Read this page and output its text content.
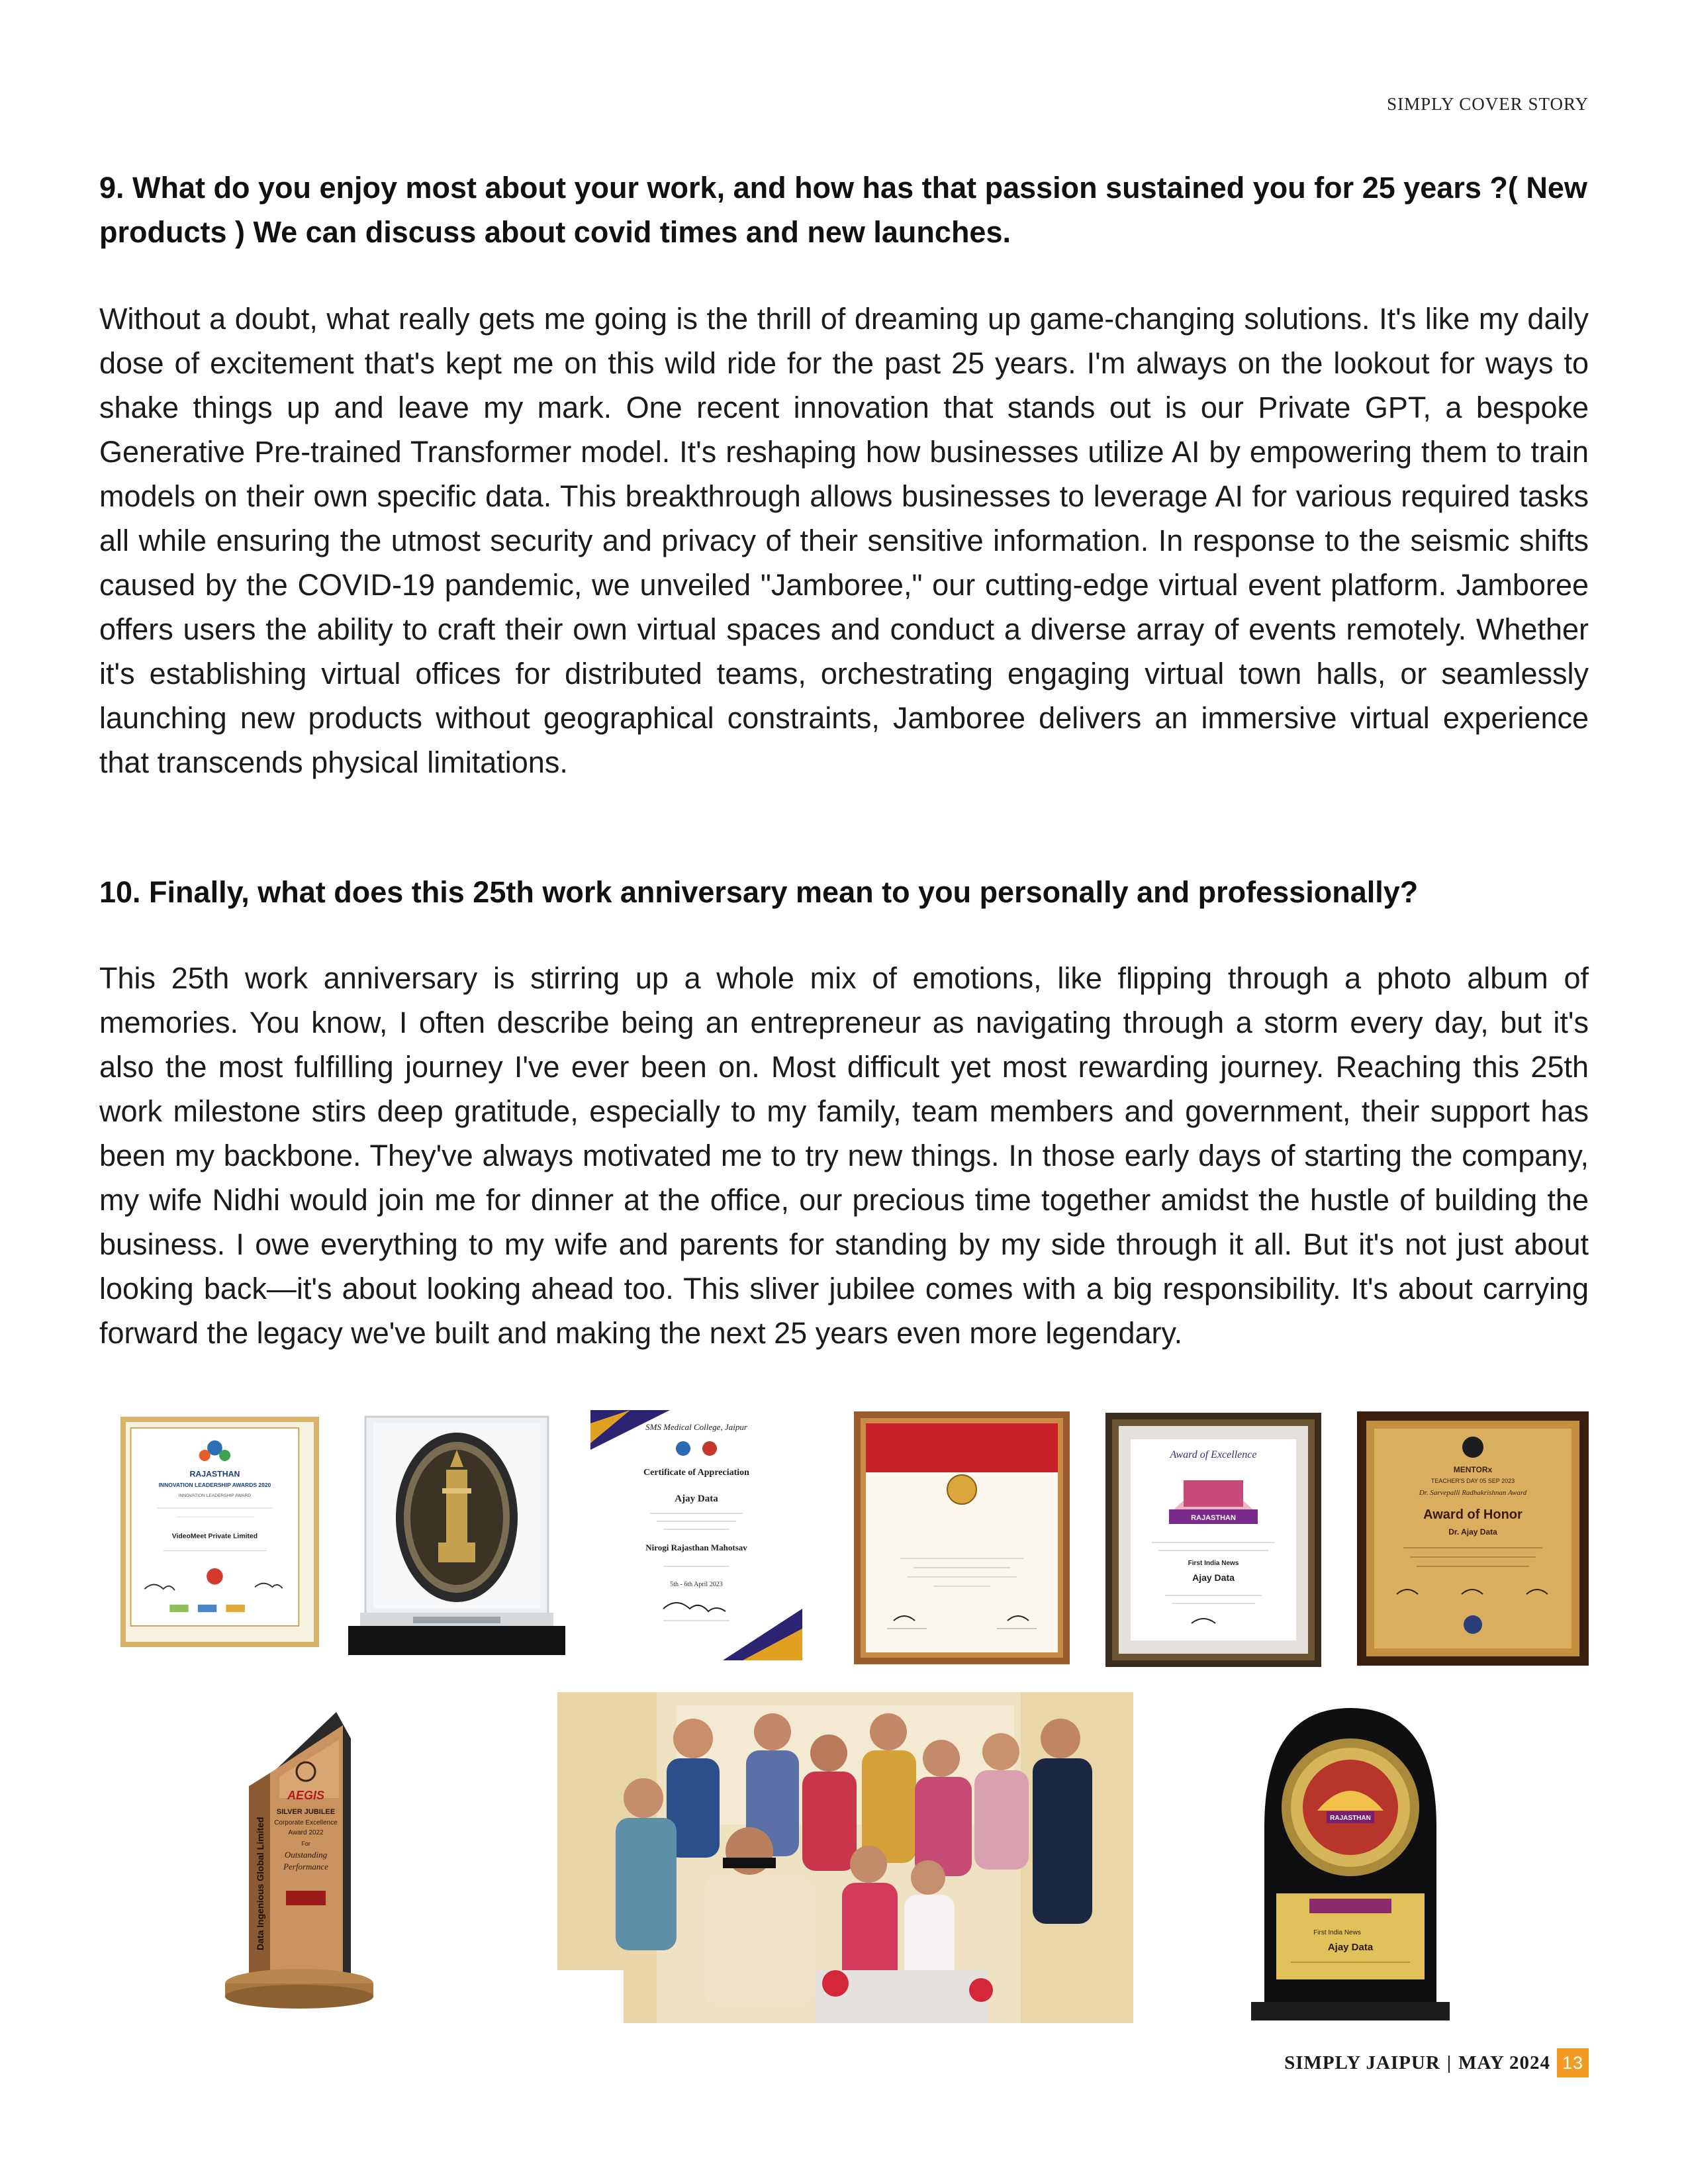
SIMPLY COVER STORY
9. What do you enjoy most about your work, and how has that passion sustained you for 25 years ?( New products ) We can discuss about covid times and new launches.
Without a doubt, what really gets me going is the thrill of dreaming up game-changing solutions. It's like my daily dose of excitement that's kept me on this wild ride for the past 25 years. I'm always on the lookout for ways to shake things up and leave my mark. One recent innovation that stands out is our Private GPT, a bespoke Generative Pre-trained Transformer model. It's reshaping how businesses utilize AI by empowering them to train models on their own specific data. This breakthrough allows businesses to leverage AI for various required tasks all while ensuring the utmost security and privacy of their sensitive information. In response to the seismic shifts caused by the COVID-19 pandemic, we unveiled "Jamboree," our cutting-edge virtual event platform. Jamboree offers users the ability to craft their own virtual spaces and conduct a diverse array of events remotely. Whether it's establishing virtual offices for distributed teams, orchestrating engaging virtual town halls, or seamlessly launching new products without geographical constraints, Jamboree delivers an immersive virtual experience that transcends physical limitations.
10. Finally, what does this 25th work anniversary mean to you personally and professionally?
This 25th work anniversary is stirring up a whole mix of emotions, like flipping through a photo album of memories. You know, I often describe being an entrepreneur as navigating through a storm every day, but it's also the most fulfilling journey I've ever been on. Most difficult yet most rewarding journey. Reaching this 25th work milestone stirs deep gratitude, especially to my family, team members and government, their support has been my backbone. They've always motivated me to try new things. In those early days of starting the company, my wife Nidhi would join me for dinner at the office, our precious time together amidst the hustle of building the business. I owe everything to my wife and parents for standing by my side through it all. But it's not just about looking back—it's about looking ahead too. This sliver jubilee comes with a big responsibility. It's about carrying forward the legacy we've built and making the next 25 years even more legendary.
RAJASTHAN
INNOVATION LEADERSHIP AWARDS 2020
INNOVATION LEADERSHIP AWARD
VideoMeet Private Limited
SMS Medical College, Jaipur
Certificate of Appreciation
Ajay Data
Nirogi Rajasthan Mahotsav
5th - 6th April 2023
Award of Excellence
RAJASTHAN
First India News
Ajay Data
MENTORx
TEACHER'S DAY 05 SEP 2023
Dr. Sarvepalli Radhakrishnan Award
Award of Honor
Dr. Ajay Data
AEGIS
SILVER JUBILEE
Corporate Excellence
Award 2022
For
Outstanding
Performance
Data Ingenious Global Limited	RAJASTHAN
First India News
Ajay Data
SIMPLY JAIPUR | MAY 2024 13
